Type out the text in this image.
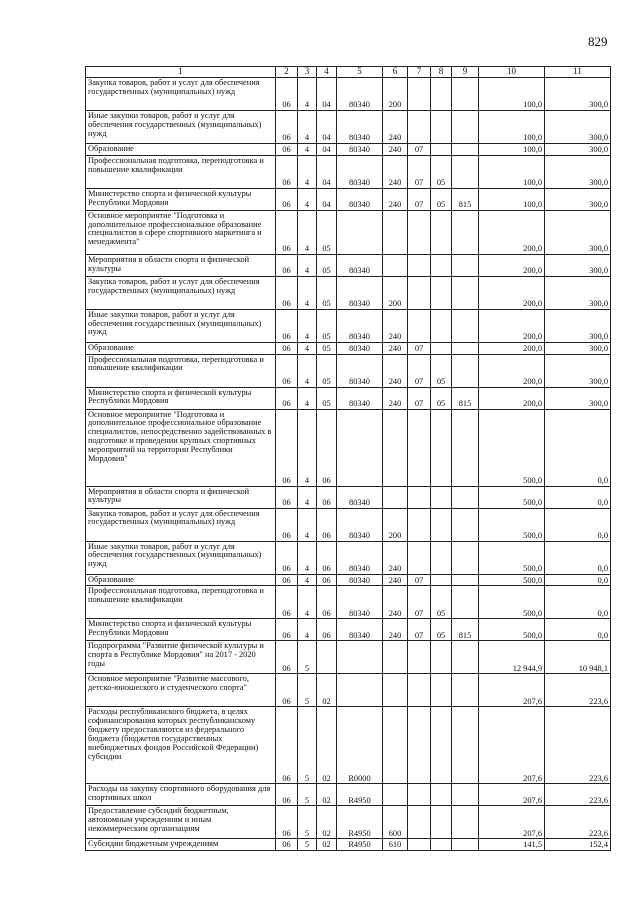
829
1	2	3	4	5	6	7	8	9	10	11
Закупка товаров, работ и услуг для обеспечения государственных (муниципальных) нужд	06	4	04	80340	200				100,0	300,0
Иные закупки товаров, работ и услуг для обеспечения государственных (муниципальных) нужд	06	4	04	80340	240				100,0	300,0
Образование	06	4	04	80340	240	07			100,0	300,0
Профессиональная подготовка, переподготовка и повышение квалификации	06	4	04	80340	240	07	05		100,0	300,0
Министерство спорта и физической культуры Республики Мордовия	06	4	04	80340	240	07	05	815	100,0	300,0
Основное мероприятие "Подготовка и дополнительное профессиональное образование специалистов в сфере спортивного маркетинга и менеджмента"	06	4	05						200,0	300,0
Мероприятия в области спорта и физической культуры	06	4	05	80340					200,0	300,0
Закупка товаров, работ и услуг для обеспечения государственных (муниципальных) нужд	06	4	05	80340	200				200,0	300,0
Иные закупки товаров, работ и услуг для обеспечения государственных (муниципальных) нужд	06	4	05	80340	240				200,0	300,0
Образование	06	4	05	80340	240	07			200,0	300,0
Профессиональная подготовка, переподготовка и повышение квалификации	06	4	05	80340	240	07	05		200,0	300,0
Министерство спорта и физической культуры Республики Мордовия	06	4	05	80340	240	07	05	815	200,0	300,0
Основное мероприятие "Подготовка и дополнительное профессиональное образование специалистов, непосредственно задействованных в подготовке и проведении крупных спортивных мероприятий на территории Республики Мордовия"	06	4	06						500,0	0,0
Мероприятия в области спорта и физической культуры	06	4	06	80340					500,0	0,0
Закупка товаров, работ и услуг для обеспечения государственных (муниципальных) нужд	06	4	06	80340	200				500,0	0,0
Иные закупки товаров, работ и услуг для обеспечения государственных (муниципальных) нужд	06	4	06	80340	240				500,0	0,0
Образование	06	4	06	80340	240	07			500,0	0,0
Профессиональная подготовка, переподготовка и повышение квалификации	06	4	06	80340	240	07	05		500,0	0,0
Министерство спорта и физической культуры Республики Мордовия	06	4	06	80340	240	07	05	815	500,0	0,0
Подпрограмма "Развитие физической культуры и спорта в Республике Мордовия" на 2017 - 2020 годы	06	5							12 944,9	10 948,1
Основное мероприятие "Развитие массового, детско-юношеского и студенческого спорта"	06	5	02						207,6	223,6
Расходы республиканского бюджета, в целях софинансирования которых республиканскому бюджету предоставляются из федерального бюджета (бюджетов государственных внебюджетных фондов Российской Федерации) субсидии	06	5	02	R0000					207,6	223,6
Расходы на закупку спортивного оборудования для спортивных школ	06	5	02	R4950					207,6	223,6
Предоставление субсидий бюджетным, автономным учреждениям и иным некоммерческим организациям	06	5	02	R4950	600				207,6	223,6
Субсидии бюджетным учреждениям	06	5	02	R4950	610				141,5	152,4
